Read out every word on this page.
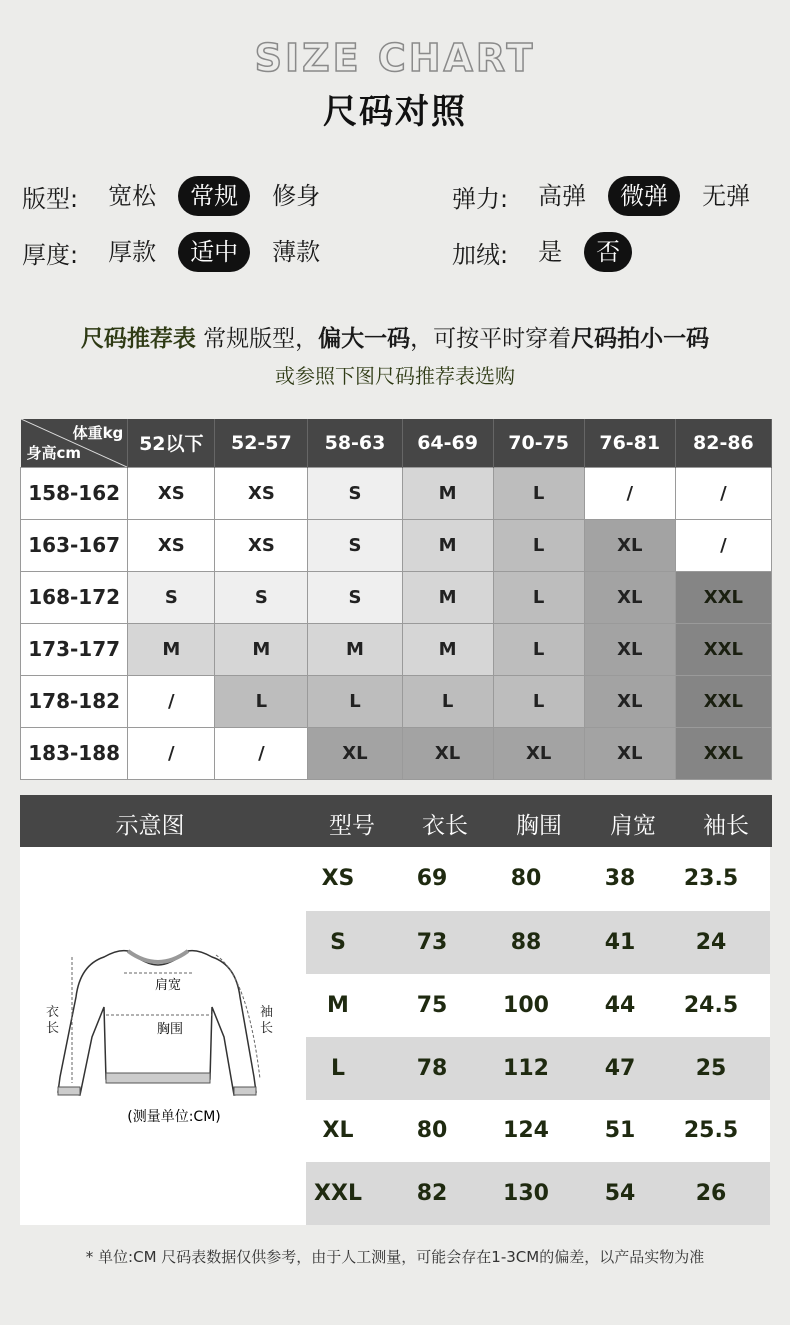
SIZE CHART
尺码对照
版型:	宽松	常规	修身	弹力:	高弹	微弹	无弹
厚度:	厚款	适中	薄款	加绒:	是	否
尺码推荐表 常规版型，偏大一码，可按平时穿着尺码拍小一码
或参照下图尺码推荐表选购
体重kg
身高cm	52以下	52-57	58-63	64-69	70-75	76-81	82-86
158-162	XS	XS	S	M	L	/	/
163-167	XS	XS	S	M	L	XL	/
168-172	S	S	S	M	L	XL	XXL
173-177	M	M	M	M	L	XL	XXL
178-182	/	L	L	L	L	XL	XXL
183-188	/	/	XL	XL	XL	XL	XXL
示意图	型号	衣长	胸围	肩宽	袖长
肩宽
胸围
(测量单位:CM)
衣长
袖长
XS	69	80	38	23.5
S	73	88	41	24
M	75	100	44	24.5
L	78	112	47	25
XL	80	124	51	25.5
XXL	82	130	54	26
* 单位:CM 尺码表数据仅供参考，由于人工测量，可能会存在1-3CM的偏差，以产品实物为准
